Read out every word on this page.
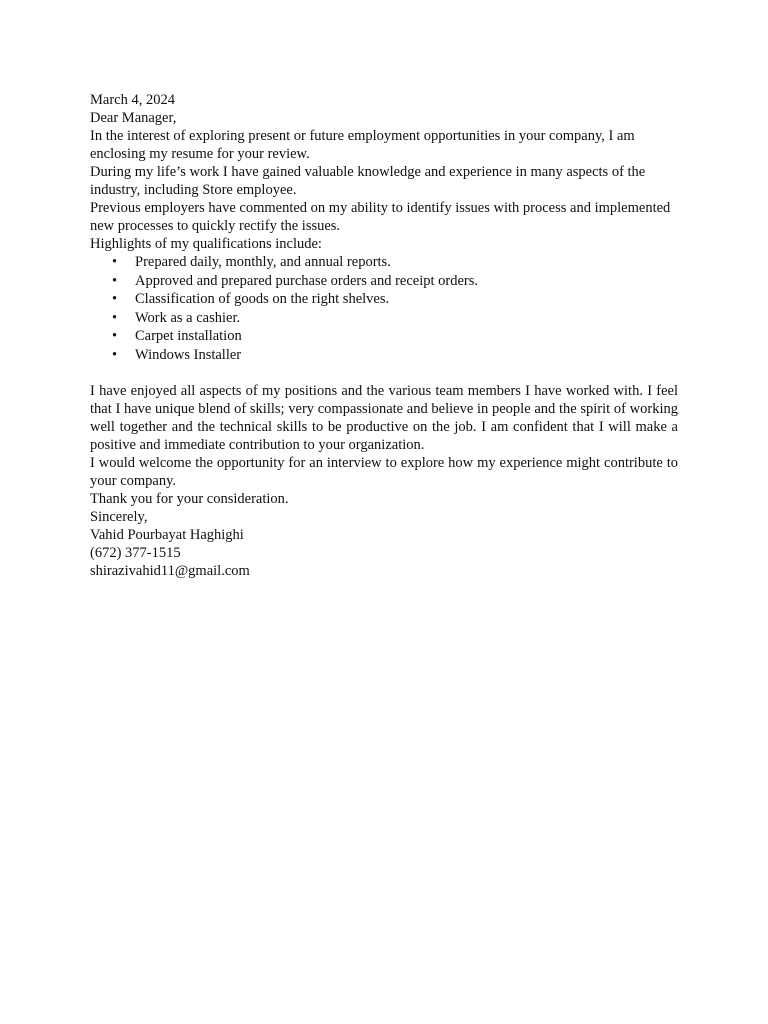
March 4, 2024

Dear Manager,

In the interest of exploring present or future employment opportunities in your company, I am enclosing my resume for your review.

During my life’s work I have gained valuable knowledge and experience in many aspects of the industry, including Store employee.

Previous employers have commented on my ability to identify issues with process and implemented new processes to quickly rectify the issues.

Highlights of my qualifications include:

• Prepared daily, monthly, and annual reports.
• Approved and prepared purchase orders and receipt orders.
• Classification of goods on the right shelves.
• Work as a cashier.
• Carpet installation
• Windows Installer

I have enjoyed all aspects of my positions and the various team members I have worked with. I feel that I have unique blend of skills; very compassionate and believe in people and the spirit of working well together and the technical skills to be productive on the job. I am confident that I will make a positive and immediate contribution to your organization.

I would welcome the opportunity for an interview to explore how my experience might contribute to your company.

Thank you for your consideration.

Sincerely,

Vahid Pourbayat Haghighi

(672) 377-1515

shirazivahid11@gmail.com
